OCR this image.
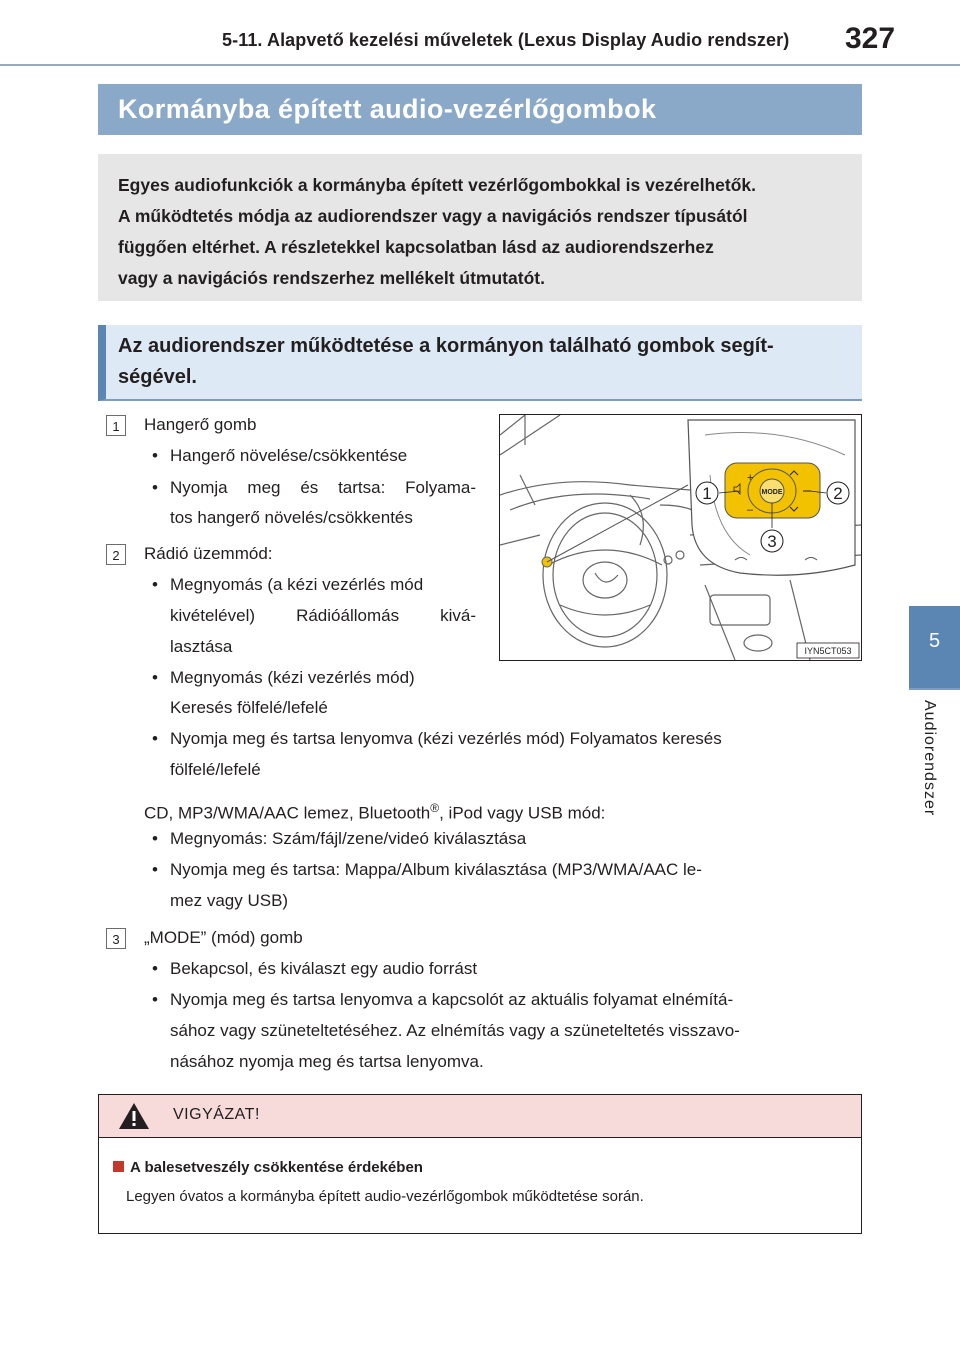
5-11. Alapvető kezelési műveletek (Lexus Display Audio rendszer) 327
5
Audiorendszer
Kormányba épített audio-vezérlőgombok
Egyes audiofunkciók a kormányba épített vezérlőgombokkal is vezérelhetők.
A működtetés módja az audiorendszer vagy a navigációs rendszer típusától
függően eltérhet. A részletekkel kapcsolatban lásd az audiorendszerhez
vagy a navigációs rendszerhez mellékelt útmutatót.
Az audiorendszer működtetése a kormányon található gombok segít-
ségével.
1	Hangerő gomb
• Hangerő növelése/csökkentése
• Nyomja meg és tartsa: Folyama-
tos hangerő növelés/csökkentés
2	Rádió üzemmód:
• Megnyomás (a kézi vezérlés mód
kivételével) Rádióállomás kivá-
lasztása
• Megnyomás (kézi vezérlés mód)
Keresés fölfelé/lefelé
• Nyomja meg és tartsa lenyomva (kézi vezérlés mód) Folyamatos keresés
fölfelé/lefelé
CD, MP3/WMA/AAC lemez, Bluetooth®, iPod vagy USB mód:
• Megnyomás: Szám/fájl/zene/videó kiválasztása
• Nyomja meg és tartsa: Mappa/Album kiválasztása (MP3/WMA/AAC le-
mez vagy USB)
3	„MODE” (mód) gomb
• Bekapcsol, és kiválaszt egy audio forrást
• Nyomja meg és tartsa lenyomva a kapcsolót az aktuális folyamat elnémítá-
sához vagy szüneteltetéséhez. Az elnémítás vagy a szüneteltetés visszavo-
násához nyomja meg és tartsa lenyomva.
MODE
+
–
1	2
3
IYN5CT053
VIGYÁZAT!
A balesetveszély csökkentése érdekében
Legyen óvatos a kormányba épített audio-vezérlőgombok működtetése során.
